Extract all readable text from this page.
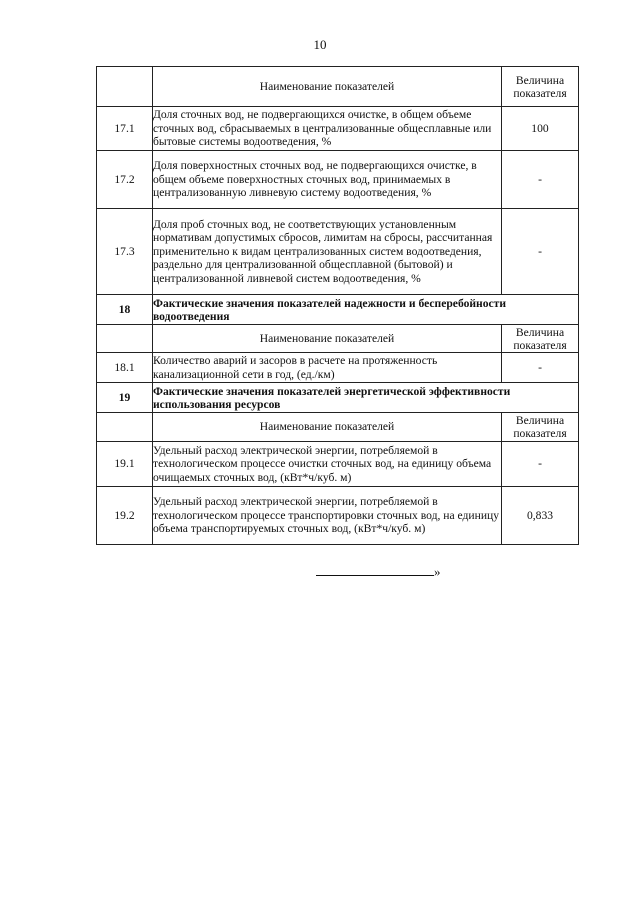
10
	Наименование показателей	Величина показателя
17.1	Доля сточных вод, не подвергающихся очистке, в общем объеме сточных вод, сбрасываемых в централизованные общесплавные или бытовые системы водоотведения, %	100
17.2	Доля поверхностных сточных вод, не подвергающихся очистке, в общем объеме поверхностных сточных вод, принимаемых в централизованную ливневую систему водоотведения, %	-
17.3	Доля проб сточных вод, не соответствующих установленным нормативам допустимых сбросов, лимитам на сбросы, рассчитанная применительно к видам централизованных систем водоотведения, раздельно для централизованной общесплавной (бытовой) и централизованной ливневой систем водоотведения, %	-
18	Фактические значения показателей надежности и бесперебойности водоотведения	
	Наименование показателей	Величина показателя
18.1	Количество аварий и засоров в расчете на протяженность канализационной сети в год, (ед./км)	-
19	Фактические значения показателей энергетической эффективности использования ресурсов	
	Наименование показателей	Величина показателя
19.1	Удельный расход электрической энергии, потребляемой в технологическом процессе очистки сточных вод, на единицу объема очищаемых сточных вод, (кВт*ч/куб. м)	-
19.2	Удельный расход электрической энергии, потребляемой в технологическом процессе транспортировки сточных вод, на единицу объема транспортируемых сточных вод, (кВт*ч/куб. м)	0,833
»
